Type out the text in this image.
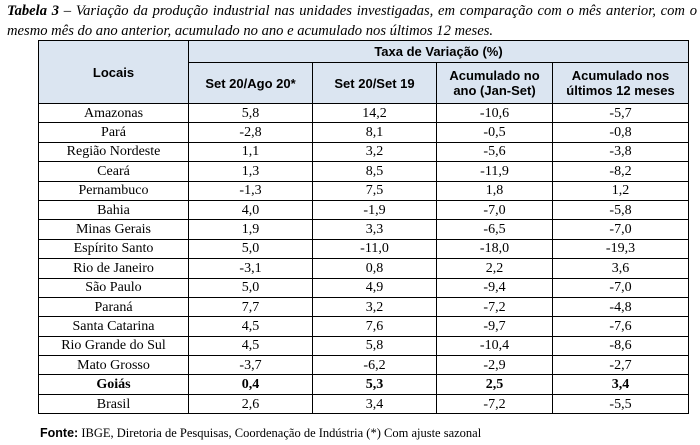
Tabela 3 – Variação da produção industrial nas unidades investigadas, em comparação com o mês anterior, com o mesmo mês do ano anterior, acumulado no ano e acumulado nos últimos 12 meses.
Locais	Taxa de Variação (%)			
	Set 20/Ago 20*	Set 20/Set 19	Acumulado no ano (Jan-Set)	Acumulado nos últimos 12 meses
Amazonas	5,8	14,2	-10,6	-5,7
Pará	-2,8	8,1	-0,5	-0,8
Região Nordeste	1,1	3,2	-5,6	-3,8
Ceará	1,3	8,5	-11,9	-8,2
Pernambuco	-1,3	7,5	1,8	1,2
Bahia	4,0	-1,9	-7,0	-5,8
Minas Gerais	1,9	3,3	-6,5	-7,0
Espírito Santo	5,0	-11,0	-18,0	-19,3
Rio de Janeiro	-3,1	0,8	2,2	3,6
São Paulo	5,0	4,9	-9,4	-7,0
Paraná	7,7	3,2	-7,2	-4,8
Santa Catarina	4,5	7,6	-9,7	-7,6
Rio Grande do Sul	4,5	5,8	-10,4	-8,6
Mato Grosso	-3,7	-6,2	-2,9	-2,7
Goiás	0,4	5,3	2,5	3,4
Brasil	2,6	3,4	-7,2	-5,5
Fonte: IBGE, Diretoria de Pesquisas, Coordenação de Indústria (*) Com ajuste sazonal
